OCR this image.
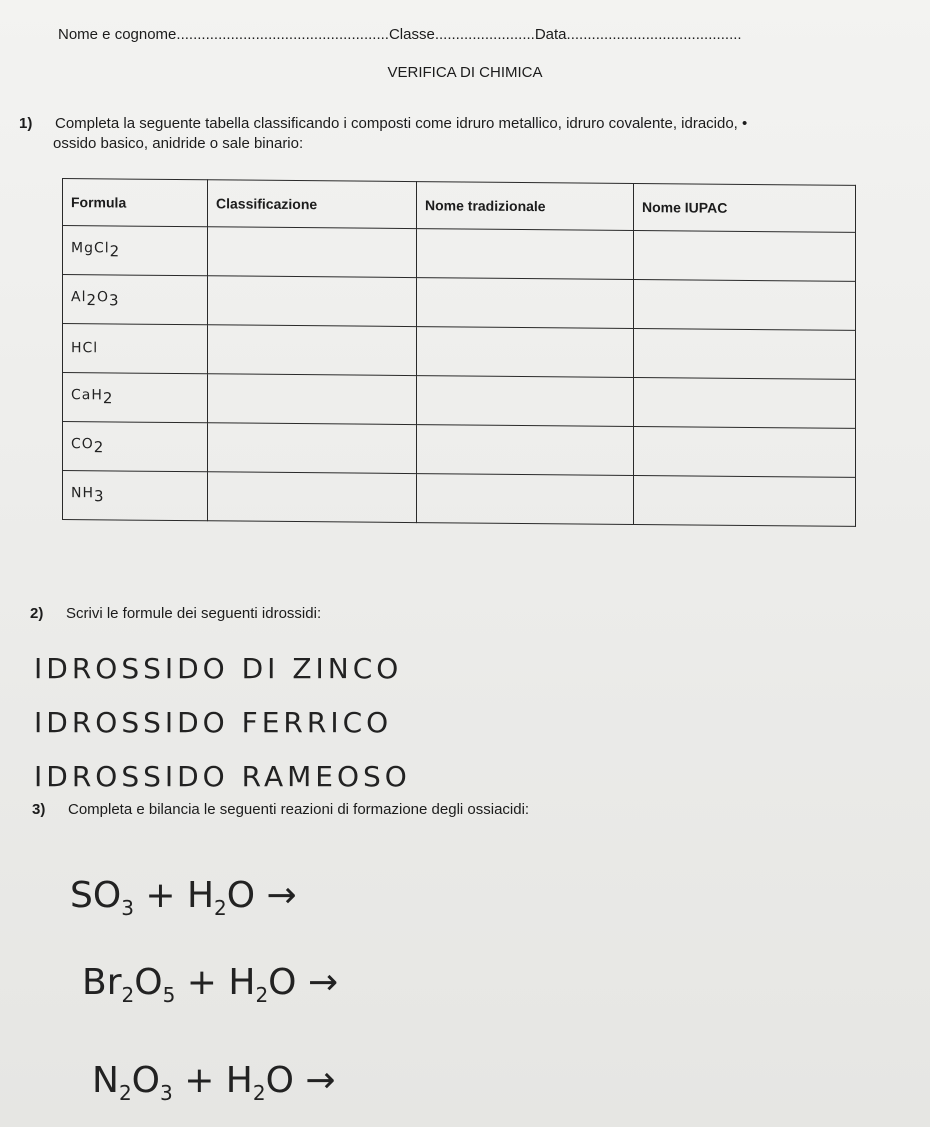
Nome e cognome...................................................Classe........................Data..........................................
VERIFICA DI CHIMICA
1) Completa la seguente tabella classificando i composti come idruro metallico, idruro covalente, idracido, •
ossido basico, anidride o sale binario:
Formula	Classificazione	Nome tradizionale	Nome IUPAC
MgCl$_2$			
$Al_2O_3$			
HCl			
CaH$_2$			
$CO_2$			
$NH_3$			
2) Scrivi le formule dei seguenti idrossidi:
IDROSSIDO DI ZINCO
IDROSSIDO FERRICO
IDROSSIDO RAMEOSO
3) Completa e bilancia le seguenti reazioni di formazione degli ossiacidi:
$SO_3 + H_2O$ →
$Br_2O_5 + H_2O$ →
$N_2O_3 + H_2O$ →
